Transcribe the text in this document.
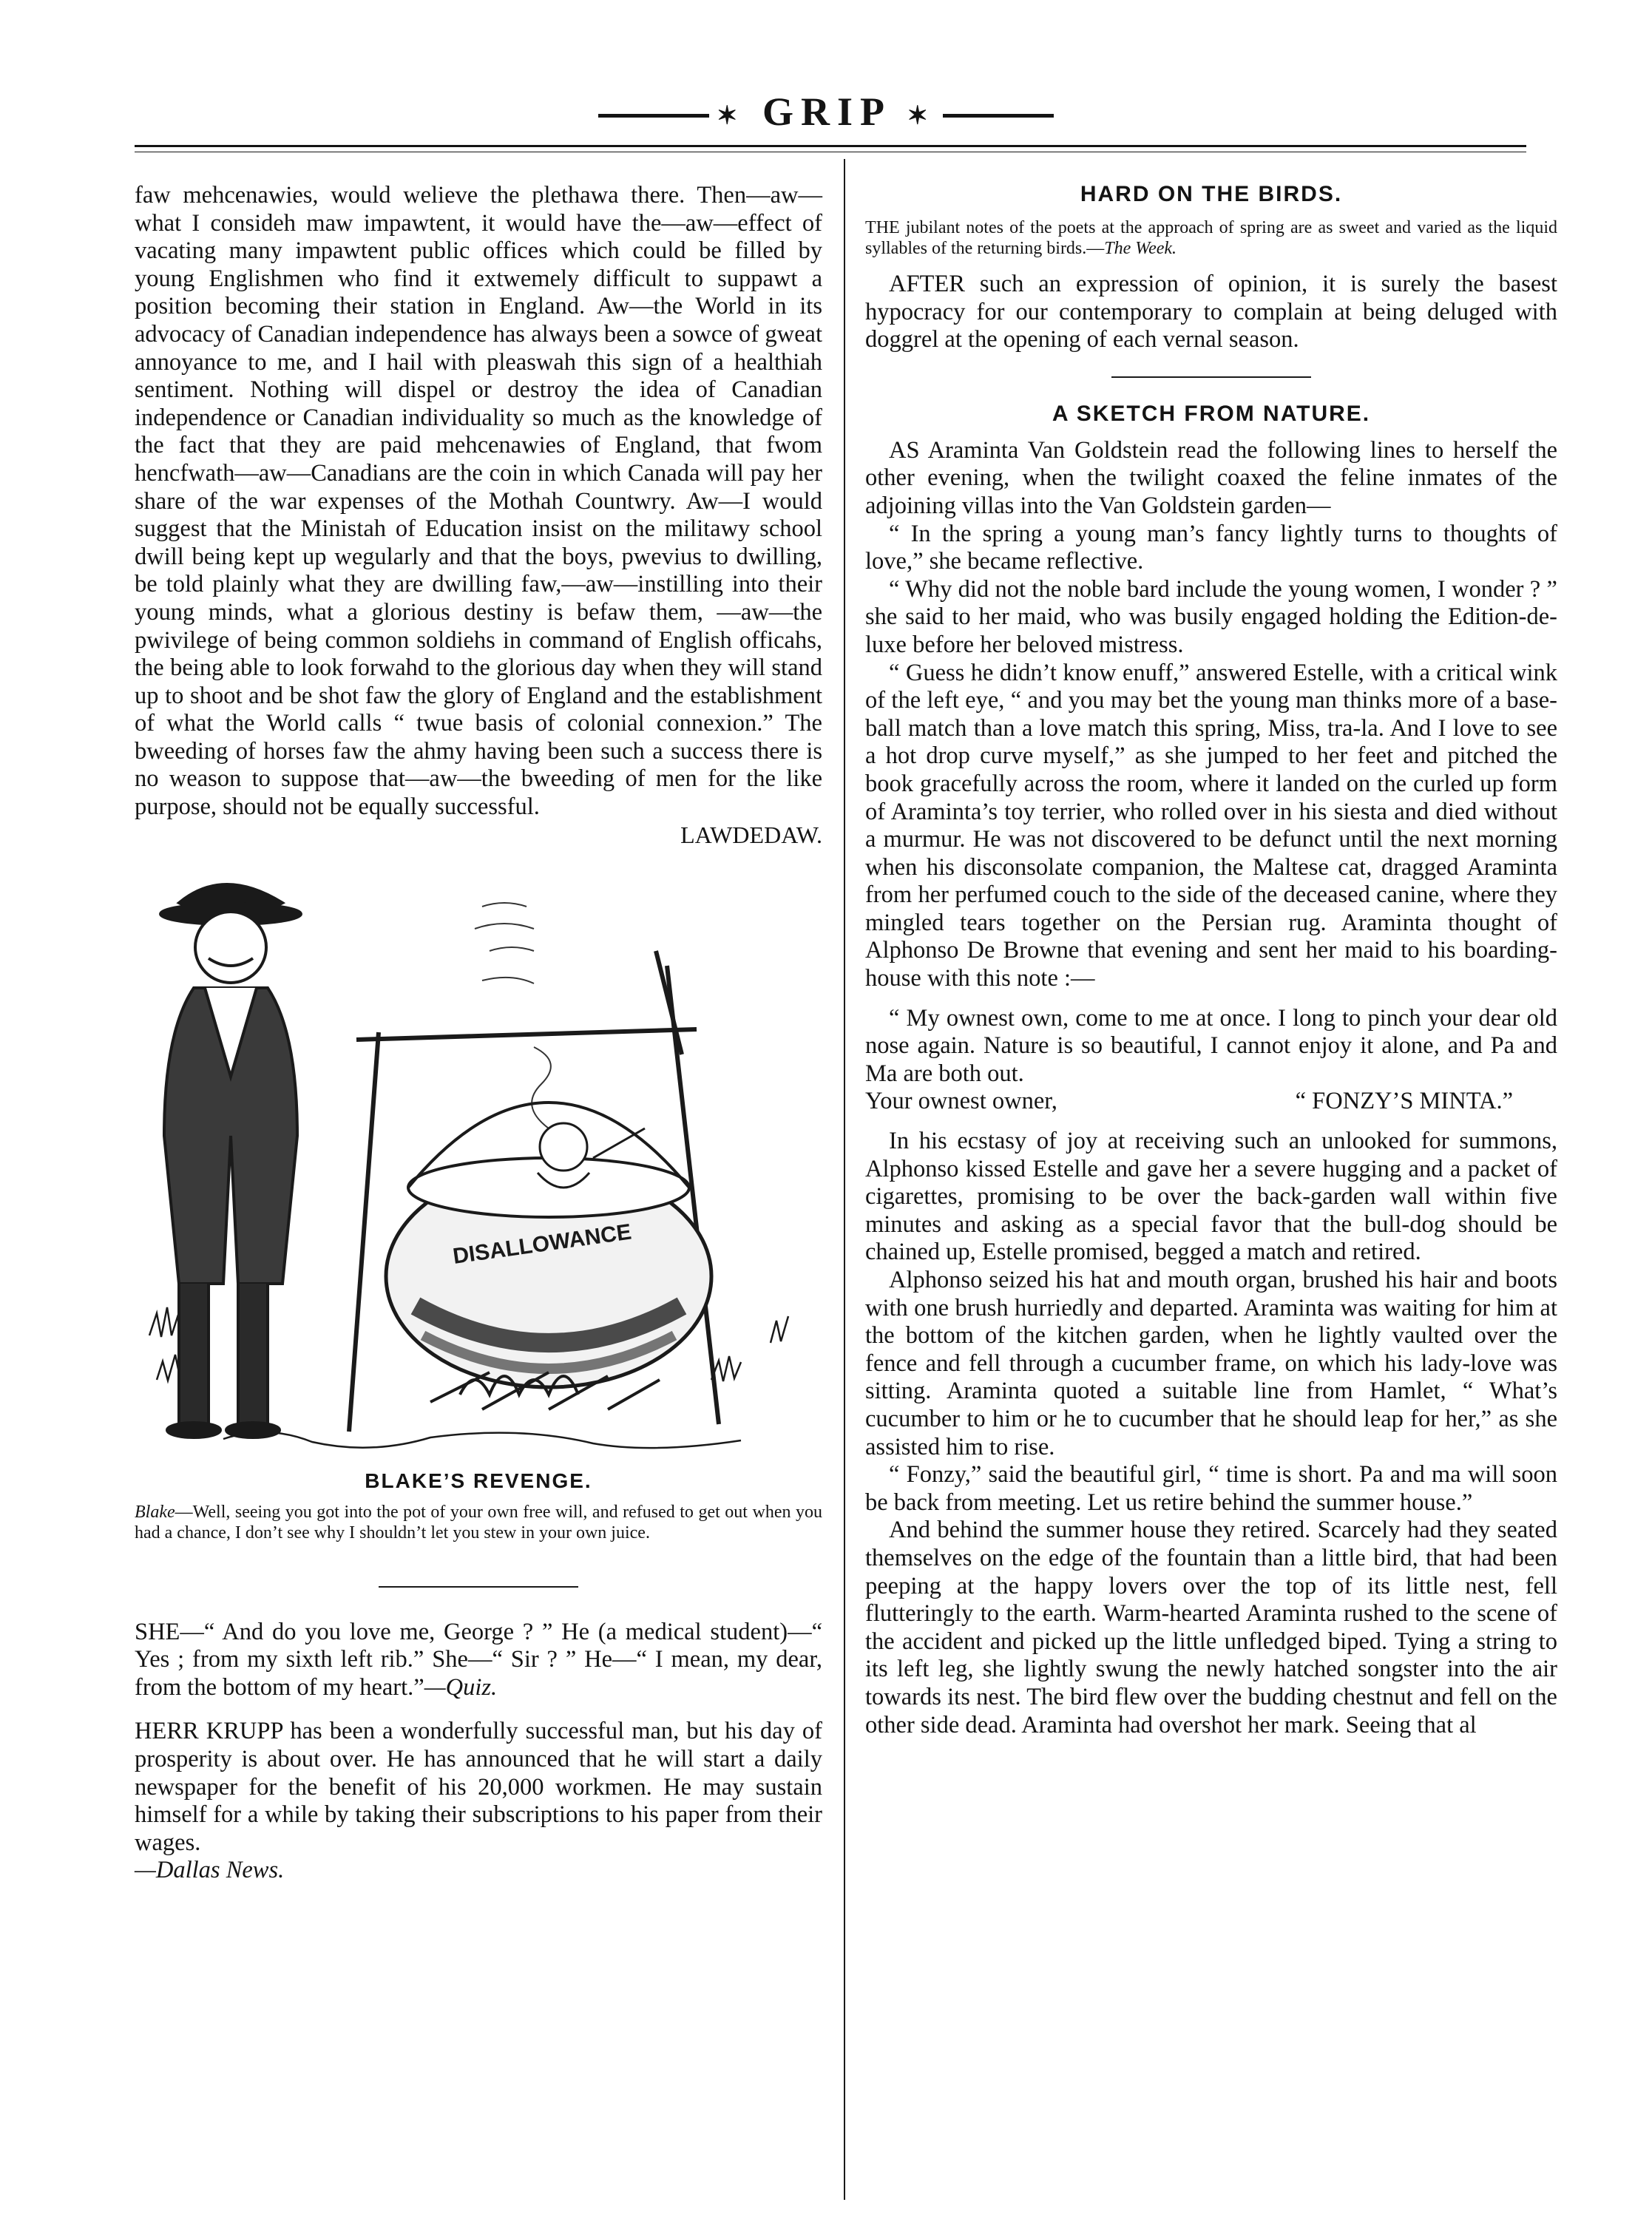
✶ GRIP ✶

faw mehcenawies, would welieve the plethawa there. Then—aw—what I consideh maw impawtent, it would have the—aw—effect of vacating many impawtent public offices which could be filled by young Englishmen who find it extwemely difficult to suppawt a position becoming their station in England. Aw—the World in its advocacy of Canadian independence has always been a sowce of gweat annoyance to me, and I hail with pleaswah this sign of a healthiah sentiment. Nothing will dispel or destroy the idea of Canadian independence or Canadian individuality so much as the knowledge of the fact that they are paid mehcenawies of England, that fwom hencfwath—aw—Canadians are the coin in which Canada will pay her share of the war expenses of the Mothah Countwry. Aw—I would suggest that the Ministah of Education insist on the militawy school dwill being kept up wegularly and that the boys, pwevius to dwilling, be told plainly what they are dwilling faw,—aw—instilling into their young minds, what a glorious destiny is befaw them, —aw—the pwivilege of being common soldiehs in command of English officahs, the being able to look forwahd to the glorious day when they will stand up to shoot and be shot faw the glory of England and the establishment of what the World calls “ twue basis of colonial connexion.” The bweeding of horses faw the ahmy having been such a success there is no weason to suppose that—aw—the bweeding of men for the like purpose, should not be equally successful.

LAWDEDAW.
DISALLOWANCE
BLAKE’S REVENGE.
Blake—Well, seeing you got into the pot of your own free will, and refused to get out when you had a chance, I don’t see why I shouldn’t let you stew in your own juice.

SHE—“ And do you love me, George ? ” He (a medical student)—“ Yes ; from my sixth left rib.” She—“ Sir ? ” He—“ I mean, my dear, from the bottom of my heart.”—Quiz.

HERR KRUPP has been a wonderfully successful man, but his day of prosperity is about over. He has announced that he will start a daily newspaper for the benefit of his 20,000 workmen. He may sustain himself for a while by taking their subscriptions to his paper from their wages.
—Dallas News.

HARD ON THE BIRDS.

THE jubilant notes of the poets at the approach of spring are as sweet and varied as the liquid syllables of the returning birds.—The Week.

AFTER such an expression of opinion, it is surely the basest hypocracy for our contemporary to complain at being deluged with doggrel at the opening of each vernal season.

A SKETCH FROM NATURE.

AS Araminta Van Goldstein read the following lines to herself the other evening, when the twilight coaxed the feline inmates of the adjoining villas into the Van Goldstein garden—

“ In the spring a young man’s fancy lightly turns to thoughts of love,” she became reflective.

“ Why did not the noble bard include the young women, I wonder ? ” she said to her maid, who was busily engaged holding the Edition-de-luxe before her beloved mistress.

“ Guess he didn’t know enuff,” answered Estelle, with a critical wink of the left eye, “ and you may bet the young man thinks more of a base-ball match than a love match this spring, Miss, tra-la. And I love to see a hot drop curve myself,” as she jumped to her feet and pitched the book gracefully across the room, where it landed on the curled up form of Araminta’s toy terrier, who rolled over in his siesta and died without a murmur. He was not discovered to be defunct until the next morning when his disconsolate companion, the Maltese cat, dragged Araminta from her perfumed couch to the side of the deceased canine, where they mingled tears together on the Persian rug. Araminta thought of Alphonso De Browne that evening and sent her maid to his boarding-house with this note :—

“ My ownest own, come to me at once. I long to pinch your dear old nose again. Nature is so beautiful, I cannot enjoy it alone, and Pa and Ma are both out.

Your ownest owner,	“ FONZY’S MINTA.”

In his ecstasy of joy at receiving such an unlooked for summons, Alphonso kissed Estelle and gave her a severe hugging and a packet of cigarettes, promising to be over the back-garden wall within five minutes and asking as a special favor that the bull-dog should be chained up, Estelle promised, begged a match and retired.

Alphonso seized his hat and mouth organ, brushed his hair and boots with one brush hurriedly and departed. Araminta was waiting for him at the bottom of the kitchen garden, when he lightly vaulted over the fence and fell through a cucumber frame, on which his lady-love was sitting. Araminta quoted a suitable line from Hamlet, “ What’s cucumber to him or he to cucumber that he should leap for her,” as she assisted him to rise.

“ Fonzy,” said the beautiful girl, “ time is short. Pa and ma will soon be back from meeting. Let us retire behind the summer house.”

And behind the summer house they retired. Scarcely had they seated themselves on the edge of the fountain than a little bird, that had been peeping at the happy lovers over the top of its little nest, fell flutteringly to the earth. Warm-hearted Araminta rushed to the scene of the accident and picked up the little unfledged biped. Tying a string to its left leg, she lightly swung the newly hatched songster into the air towards its nest. The bird flew over the budding chestnut and fell on the other side dead. Araminta had overshot her mark. Seeing that al
